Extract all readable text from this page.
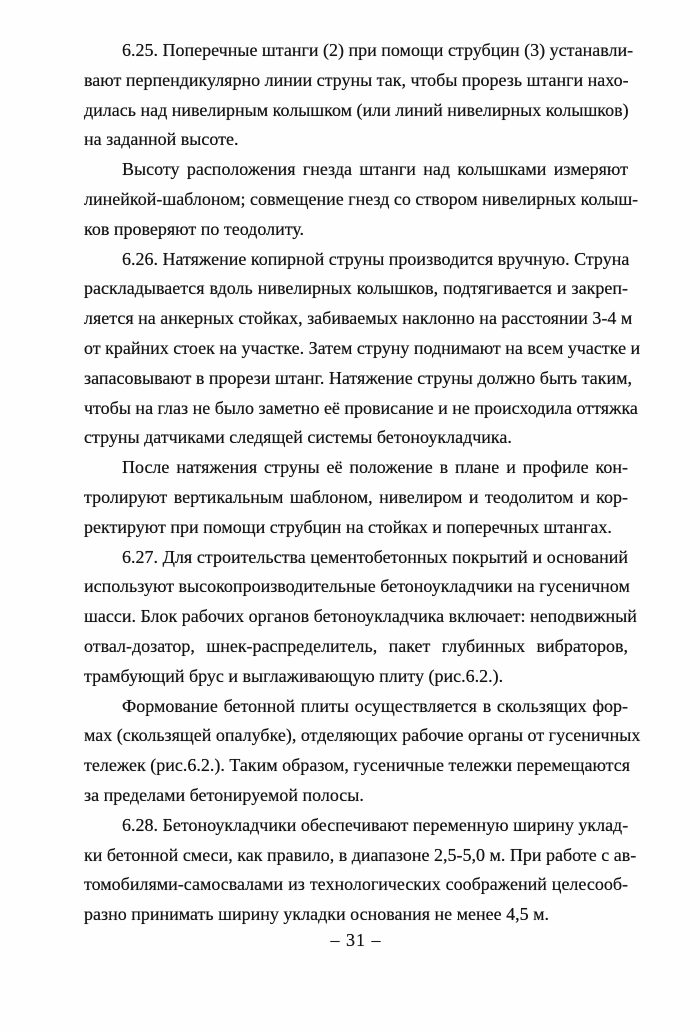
6.25. Поперечные штанги (2) при помощи струбцин (3) устанавли-
вают перпендикулярно линии струны так, чтобы прорезь штанги нахо-
дилась над нивелирным колышком (или линий нивелирных колышков)
на заданной высоте.

Высоту расположения гнезда штанги над колышками измеряют
линейкой-шаблоном; совмещение гнезд со створом нивелирных колыш-
ков проверяют по теодолиту.

6.26. Натяжение копирной струны производится вручную. Струна
раскладывается вдоль нивелирных колышков, подтягивается и закреп-
ляется на анкерных стойках, забиваемых наклонно на расстоянии 3-4 м
от крайних стоек на участке. Затем струну поднимают на всем участке и
запасовывают в прорези штанг. Натяжение струны должно быть таким,
чтобы на глаз не было заметно её провисание и не происходила оттяжка
струны датчиками следящей системы бетоноукладчика.

После натяжения струны её положение в плане и профиле кон-
тролируют вертикальным шаблоном, нивелиром и теодолитом и кор-
ректируют при помощи струбцин на стойках и поперечных штангах.

6.27. Для строительства цементобетонных покрытий и оснований
используют высокопроизводительные бетоноукладчики на гусеничном
шасси. Блок рабочих органов бетоноукладчика включает: неподвижный
отвал-дозатор, шнек-распределитель, пакет глубинных вибраторов,
трамбующий брус и выглаживающую плиту (рис.6.2.).

Формование бетонной плиты осуществляется в скользящих фор-
мах (скользящей опалубке), отделяющих рабочие органы от гусеничных
тележек (рис.6.2.). Таким образом, гусеничные тележки перемещаются
за пределами бетонируемой полосы.

6.28. Бетоноукладчики обеспечивают переменную ширину уклад-
ки бетонной смеси, как правило, в диапазоне 2,5-5,0 м. При работе с ав-
томобилями-самосвалами из технологических соображений целесооб-
разно принимать ширину укладки основания не менее 4,5 м.

– 31 –
